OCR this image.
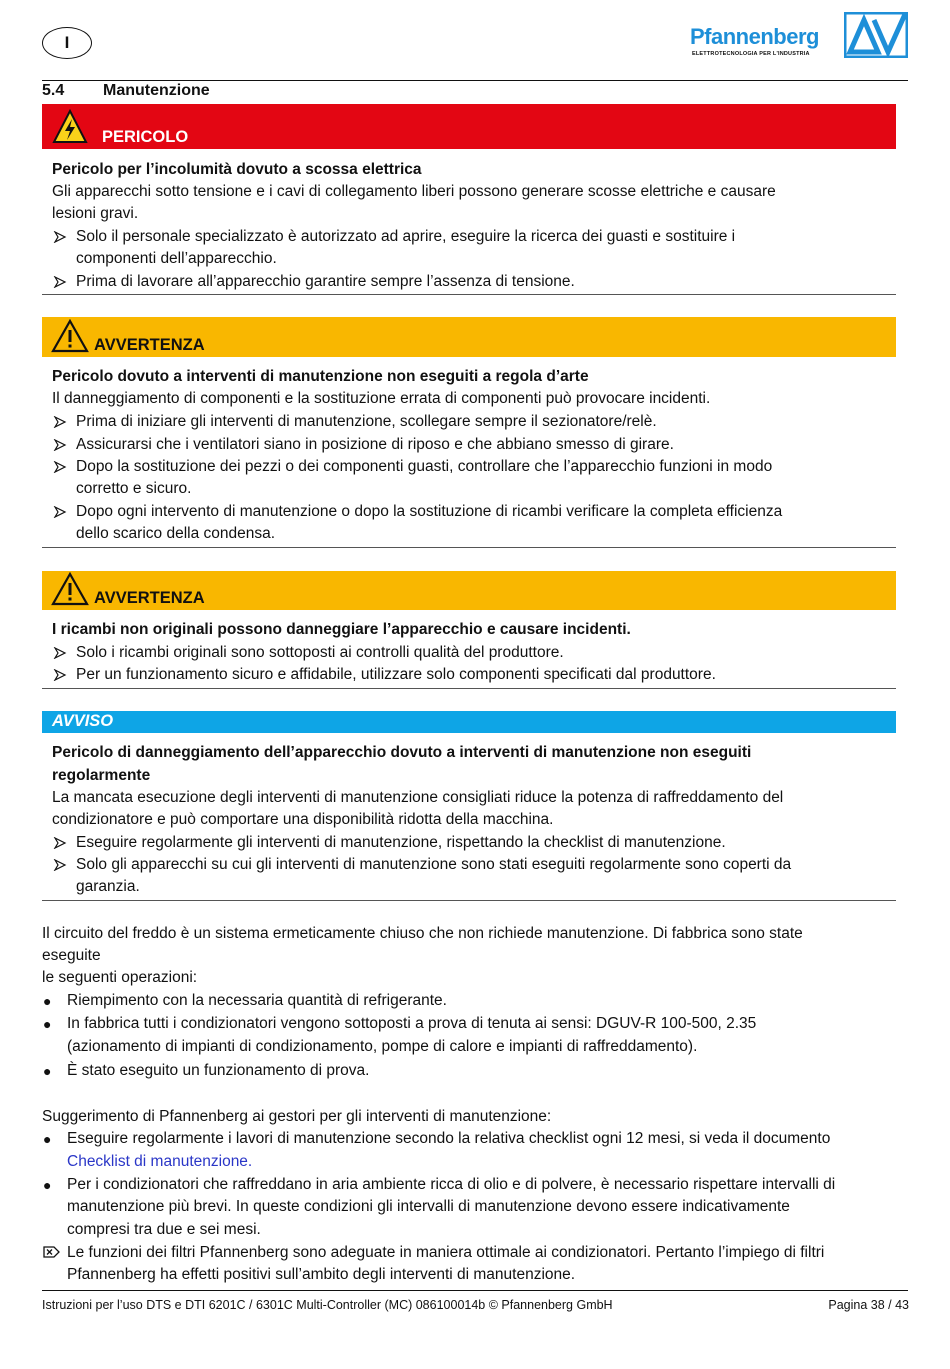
I	Pfannenberg
ELETTROTECNOLOGIA PER L'INDUSTRIA
5.4 Manutenzione
PERICOLO
Pericolo per l’incolumità dovuto a scossa elettrica
Gli apparecchi sotto tensione e i cavi di collegamento liberi possono generare scosse elettriche e causare
lesioni gravi.
Solo il personale specializzato è autorizzato ad aprire, eseguire la ricerca dei guasti e sostituire i
componenti dell’apparecchio.
Prima di lavorare all’apparecchio garantire sempre l’assenza di tensione.
AVVERTENZA
Pericolo dovuto a interventi di manutenzione non eseguiti a regola d’arte
Il danneggiamento di componenti e la sostituzione errata di componenti può provocare incidenti.
Prima di iniziare gli interventi di manutenzione, scollegare sempre il sezionatore/relè.
Assicurarsi che i ventilatori siano in posizione di riposo e che abbiano smesso di girare.
Dopo la sostituzione dei pezzi o dei componenti guasti, controllare che l’apparecchio funzioni in modo
corretto e sicuro.
Dopo ogni intervento di manutenzione o dopo la sostituzione di ricambi verificare la completa efficienza
dello scarico della condensa.
AVVERTENZA
I ricambi non originali possono danneggiare l’apparecchio e causare incidenti.
Solo i ricambi originali sono sottoposti ai controlli qualità del produttore.
Per un funzionamento sicuro e affidabile, utilizzare solo componenti specificati dal produttore.
AVVISO
Pericolo di danneggiamento dell’apparecchio dovuto a interventi di manutenzione non eseguiti
regolarmente
La mancata esecuzione degli interventi di manutenzione consigliati riduce la potenza di raffreddamento del
condizionatore e può comportare una disponibilità ridotta della macchina.
Eseguire regolarmente gli interventi di manutenzione, rispettando la checklist di manutenzione.
Solo gli apparecchi su cui gli interventi di manutenzione sono stati eseguiti regolarmente sono coperti da
garanzia.
Il circuito del freddo è un sistema ermeticamente chiuso che non richiede manutenzione. Di fabbrica sono state
eseguite
le seguenti operazioni:
● Riempimento con la necessaria quantità di refrigerante.
● In fabbrica tutti i condizionatori vengono sottoposti a prova di tenuta ai sensi: DGUV-R 100-500, 2.35
(azionamento di impianti di condizionamento, pompe di calore e impianti di raffreddamento).
● È stato eseguito un funzionamento di prova.
Suggerimento di Pfannenberg ai gestori per gli interventi di manutenzione:
● Eseguire regolarmente i lavori di manutenzione secondo la relativa checklist ogni 12 mesi, si veda il documento
Checklist di manutenzione.
● Per i condizionatori che raffreddano in aria ambiente ricca di olio e di polvere, è necessario rispettare intervalli di
manutenzione più brevi. In queste condizioni gli intervalli di manutenzione devono essere indicativamente
compresi tra due e sei mesi.
Le funzioni dei filtri Pfannenberg sono adeguate in maniera ottimale ai condizionatori. Pertanto l’impiego di filtri
Pfannenberg ha effetti positivi sull’ambito degli interventi di manutenzione.
Istruzioni per l’uso DTS e DTI 6201C / 6301C Multi-Controller (MC) 086100014b © Pfannenberg GmbH	Pagina 38 / 43
